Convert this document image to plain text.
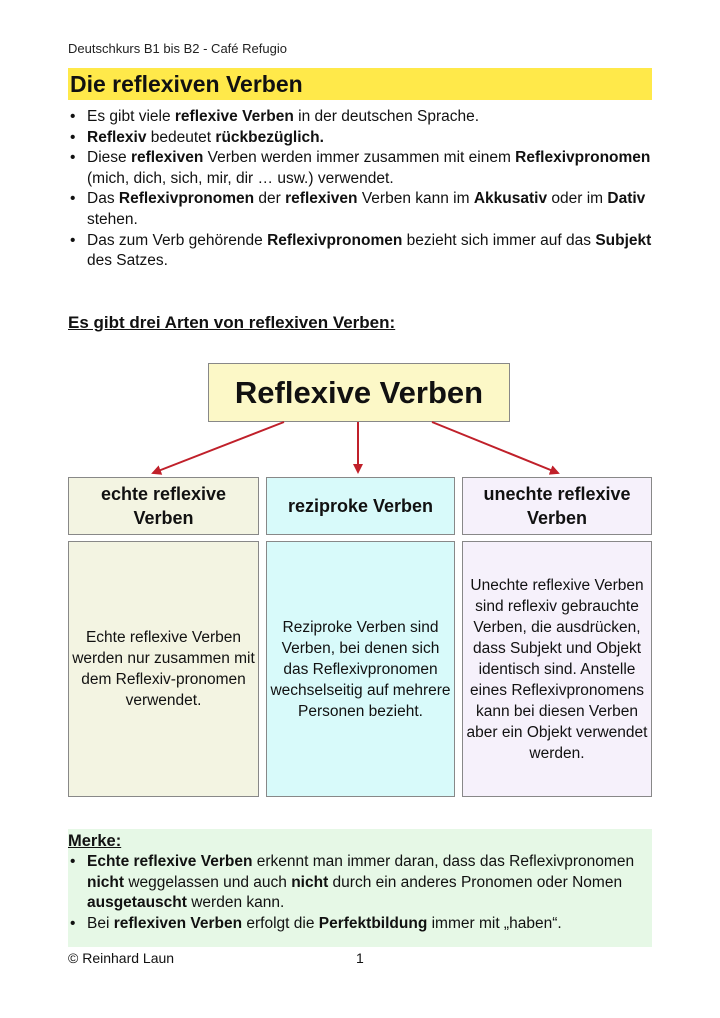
Deutschkurs B1 bis B2 - Café Refugio
Die reflexiven Verben
• Es gibt viele reflexive Verben in der deutschen Sprache.
• Reflexiv bedeutet rückbezüglich.
• Diese reflexiven Verben werden immer zusammen mit einem Reflexivpronomen (mich, dich, sich, mir, dir … usw.) verwendet.
• Das Reflexivpronomen der reflexiven Verben kann im Akkusativ oder im Dativ stehen.
• Das zum Verb gehörende Reflexivpronomen bezieht sich immer auf das Subjekt des Satzes.
Es gibt drei Arten von reflexiven Verben:
Reflexive Verben
echte reflexive Verben
reziproke Verben
unechte reflexive Verben
Echte reflexive Verben werden nur zusammen mit dem Reflexiv-pronomen verwendet.
Reziproke Verben sind Verben, bei denen sich das Reflexivpronomen wechselseitig auf mehrere Personen bezieht.
Unechte reflexive Verben sind reflexiv gebrauchte Verben, die ausdrücken, dass Subjekt und Objekt identisch sind. Anstelle eines Reflexivpronomens kann bei diesen Verben aber ein Objekt verwendet werden.
Merke:
• Echte reflexive Verben erkennt man immer daran, dass das Reflexivpronomen nicht weggelassen und auch nicht durch ein anderes Pronomen oder Nomen ausgetauscht werden kann.
• Bei reflexiven Verben erfolgt die Perfektbildung immer mit „haben“.
© Reinhard Laun	1
